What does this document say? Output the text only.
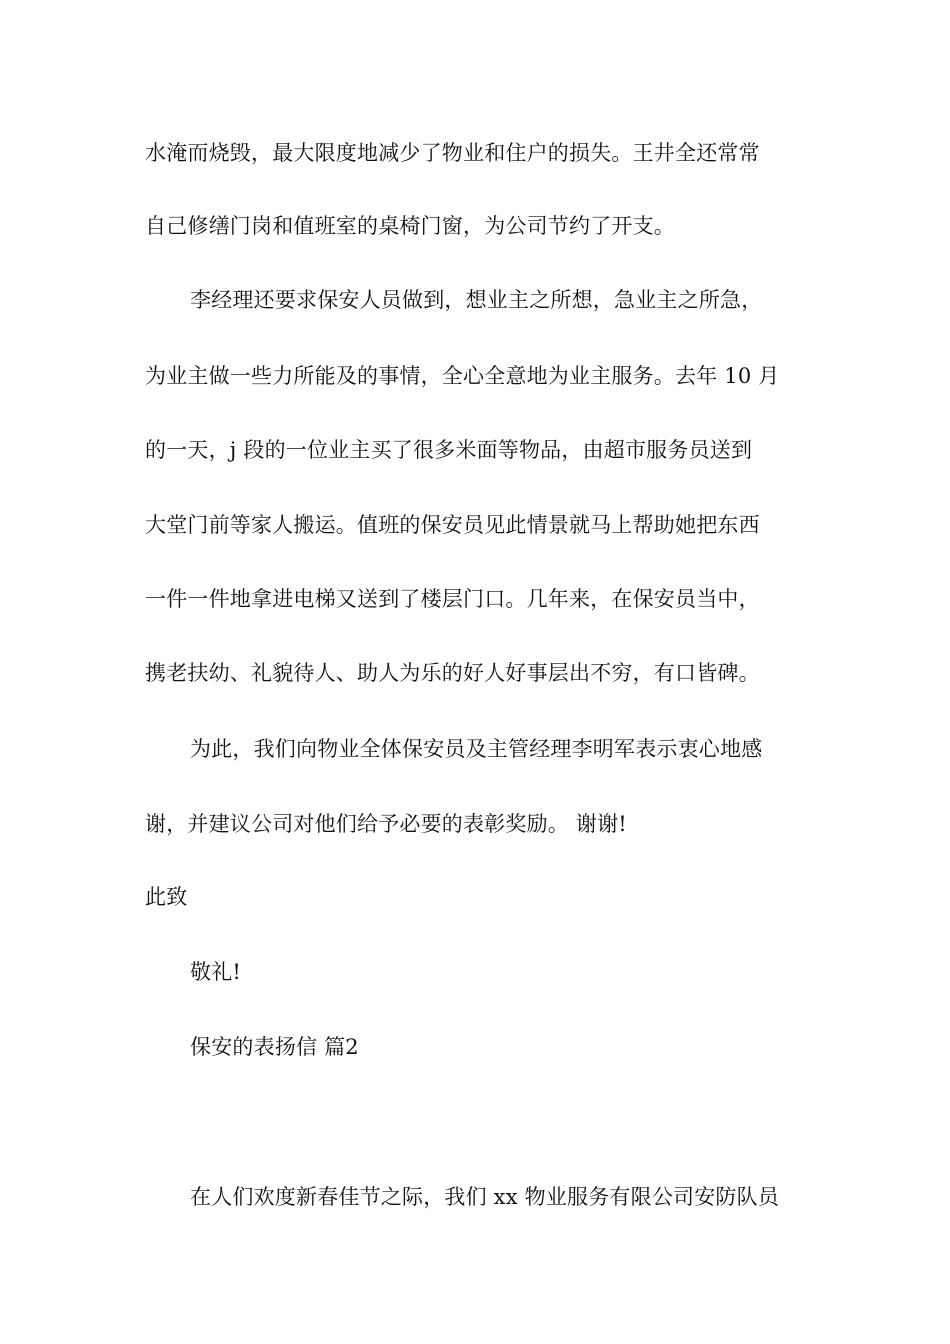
水淹而烧毁，最大限度地减少了物业和住户的损失。王井全还常常
自己修缮门岗和值班室的桌椅门窗，为公司节约了开支。
李经理还要求保安人员做到，想业主之所想，急业主之所急，
为业主做一些力所能及的事情，全心全意地为业主服务。去年 10 月
的一天，j 段的一位业主买了很多米面等物品，由超市服务员送到
大堂门前等家人搬运。值班的保安员见此情景就马上帮助她把东西
一件一件地拿进电梯又送到了楼层门口。几年来，在保安员当中，
携老扶幼、礼貌待人、助人为乐的好人好事层出不穷，有口皆碑。
为此，我们向物业全体保安员及主管经理李明军表示衷心地感
谢，并建议公司对他们给予必要的表彰奖励。 谢谢!
此致
敬礼!
保安的表扬信 篇2
在人们欢度新春佳节之际，我们 xx 物业服务有限公司安防队员
